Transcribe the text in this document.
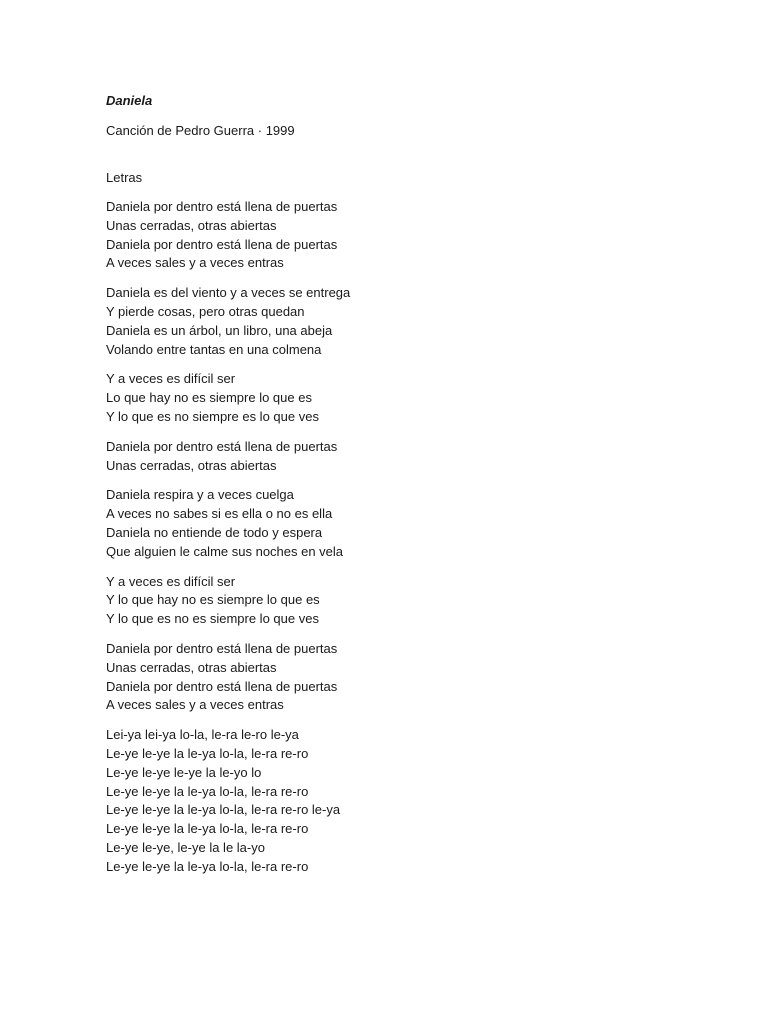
Daniela

Canción de Pedro Guerra · 1999

Letras

Daniela por dentro está llena de puertas
Unas cerradas, otras abiertas
Daniela por dentro está llena de puertas
A veces sales y a veces entras
Daniela es del viento y a veces se entrega
Y pierde cosas, pero otras quedan
Daniela es un árbol, un libro, una abeja
Volando entre tantas en una colmena
Y a veces es difícil ser
Lo que hay no es siempre lo que es
Y lo que es no siempre es lo que ves
Daniela por dentro está llena de puertas
Unas cerradas, otras abiertas
Daniela respira y a veces cuelga
A veces no sabes si es ella o no es ella
Daniela no entiende de todo y espera
Que alguien le calme sus noches en vela
Y a veces es difícil ser
Y lo que hay no es siempre lo que es
Y lo que es no es siempre lo que ves
Daniela por dentro está llena de puertas
Unas cerradas, otras abiertas
Daniela por dentro está llena de puertas
A veces sales y a veces entras
Lei-ya lei-ya lo-la, le-ra le-ro le-ya
Le-ye le-ye la le-ya lo-la, le-ra re-ro
Le-ye le-ye le-ye la le-yo lo
Le-ye le-ye la le-ya lo-la, le-ra re-ro
Le-ye le-ye la le-ya lo-la, le-ra re-ro le-ya
Le-ye le-ye la le-ya lo-la, le-ra re-ro
Le-ye le-ye, le-ye la le la-yo
Le-ye le-ye la le-ya lo-la, le-ra re-ro
